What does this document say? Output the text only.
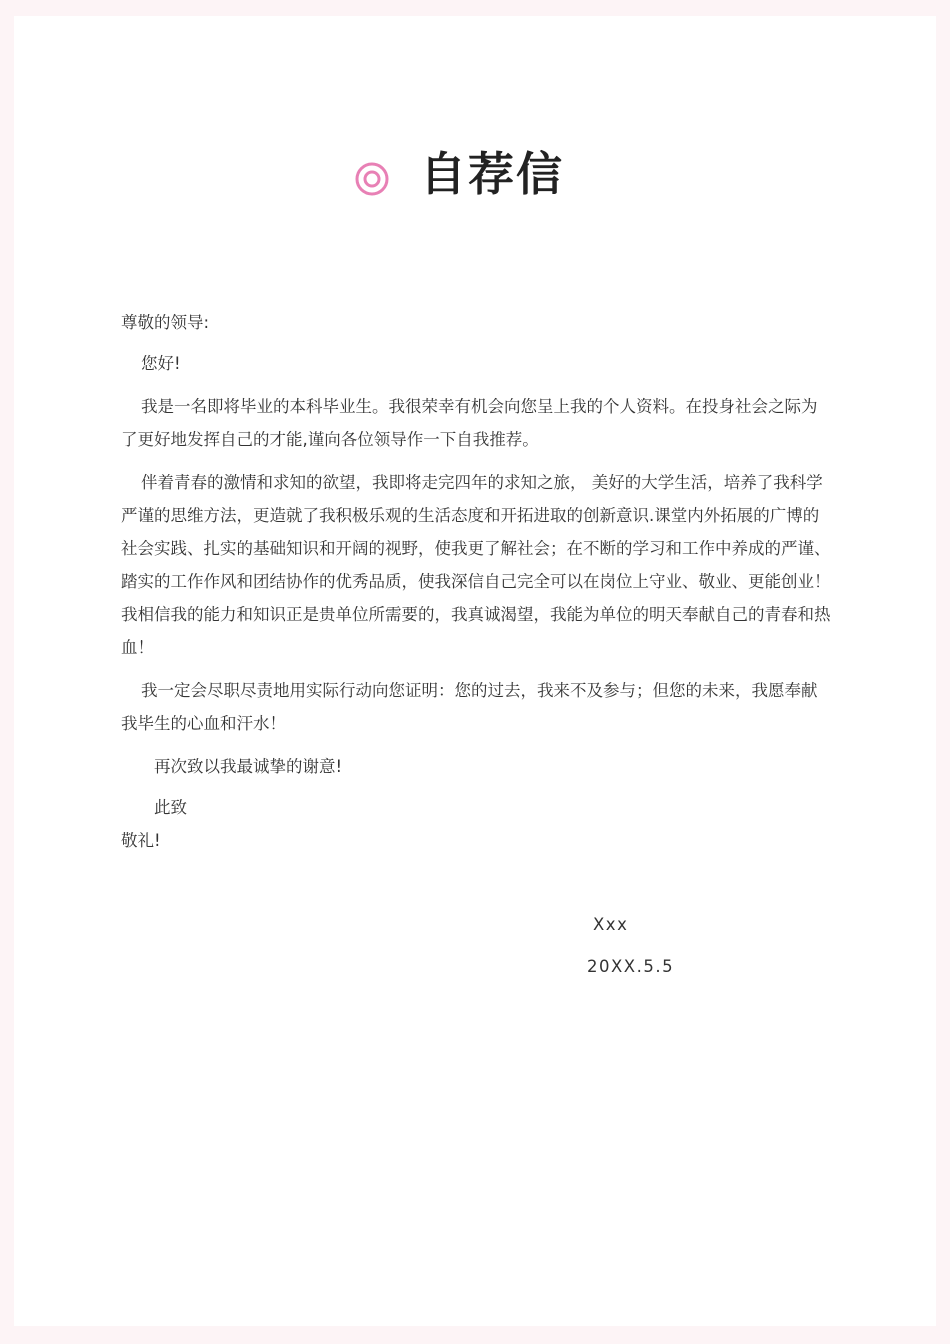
自荐信

尊敬的领导:

您好!

我是一名即将毕业的本科毕业生。我很荣幸有机会向您呈上我的个人资料。在投身社会之际为了更好地发挥自己的才能,谨向各位领导作一下自我推荐。

伴着青春的激情和求知的欲望，我即将走完四年的求知之旅， 美好的大学生活，培养了我科学严谨的思维方法，更造就了我积极乐观的生活态度和开拓进取的创新意识.课堂内外拓展的广博的社会实践、扎实的基础知识和开阔的视野，使我更了解社会；在不断的学习和工作中养成的严谨、踏实的工作作风和团结协作的优秀品质，使我深信自己完全可以在岗位上守业、敬业、更能创业！我相信我的能力和知识正是贵单位所需要的，我真诚渴望，我能为单位的明天奉献自己的青春和热血！

我一定会尽职尽责地用实际行动向您证明：您的过去，我来不及参与；但您的未来，我愿奉献我毕生的心血和汗水！

再次致以我最诚挚的谢意!

此致

敬礼!

Xxx
20XX.5.5
